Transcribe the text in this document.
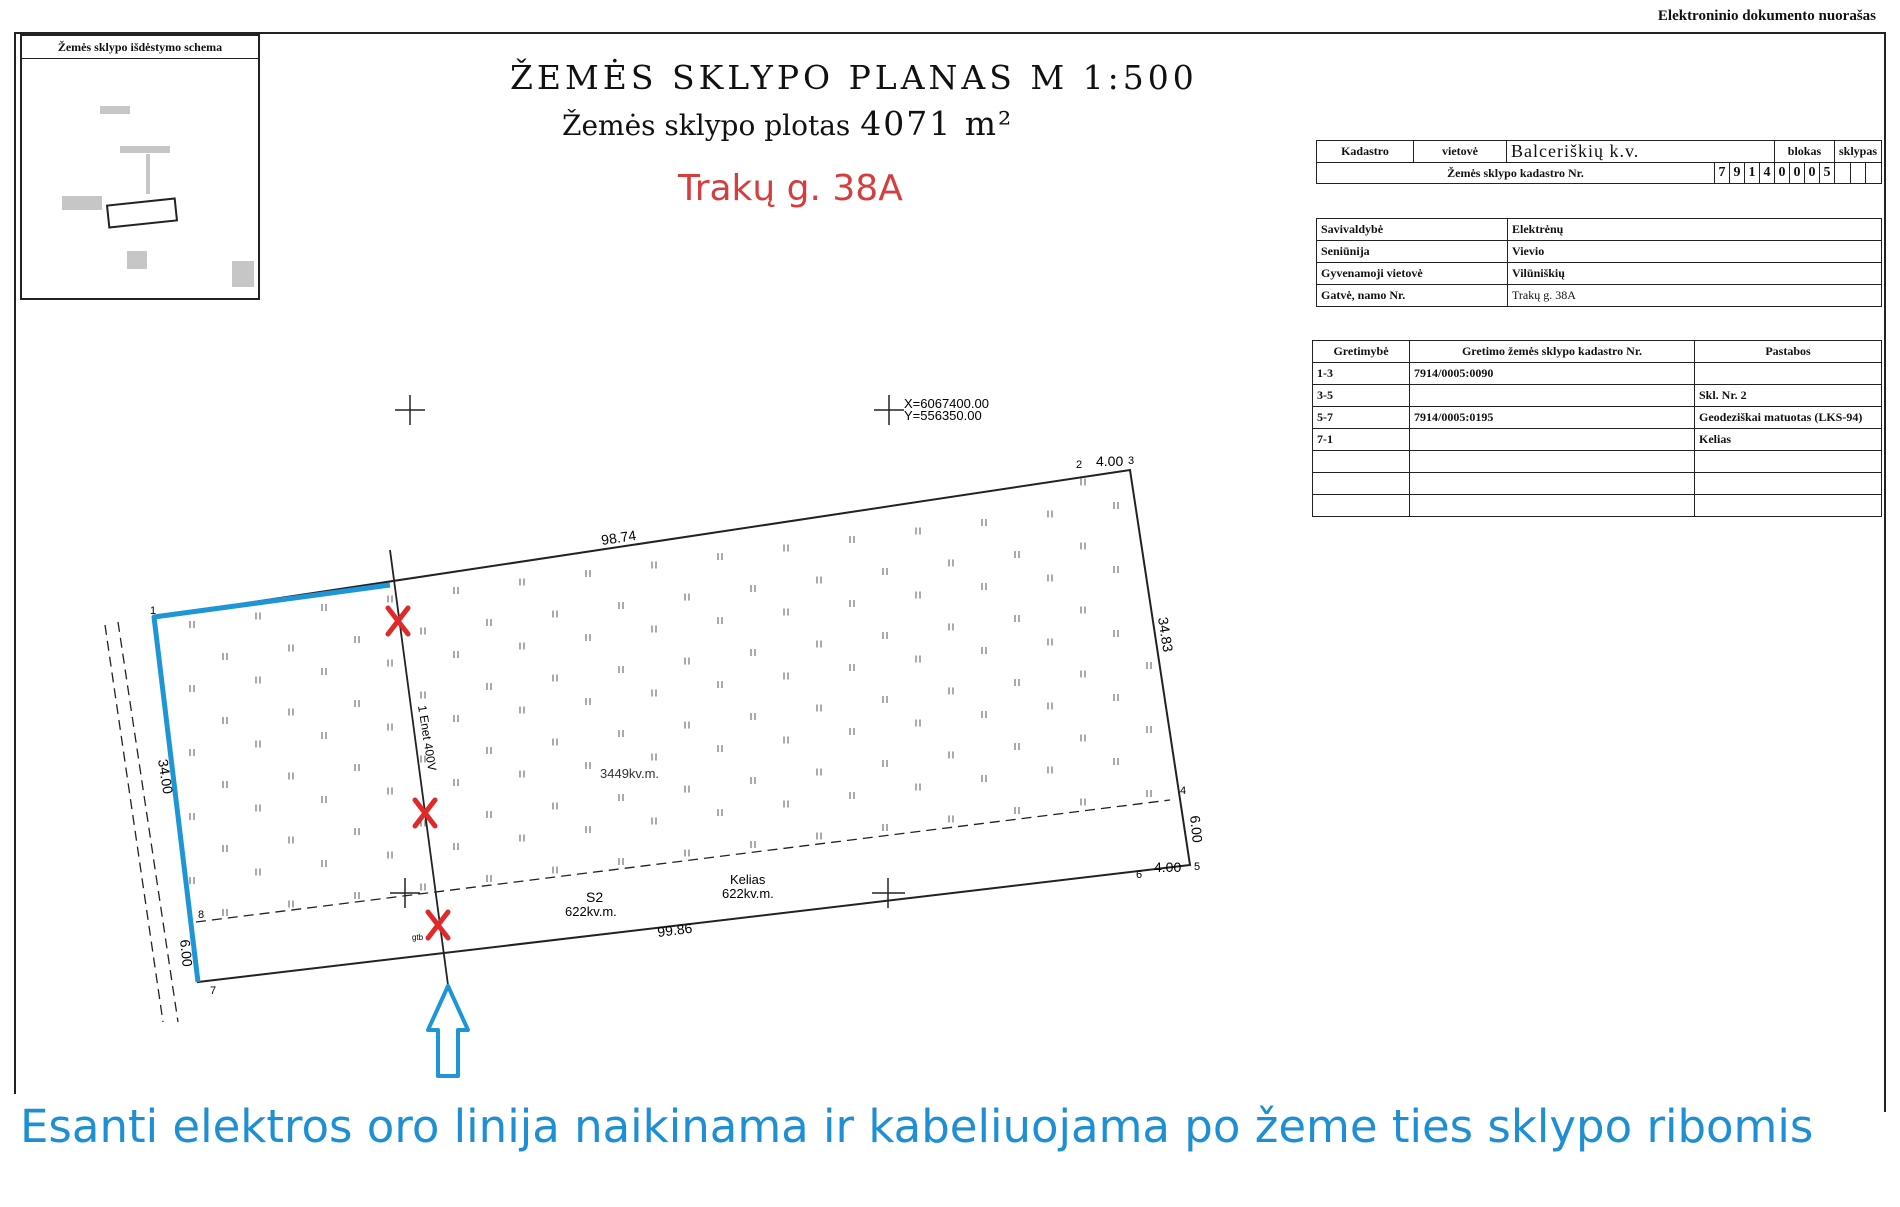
Elektroninio dokumento nuorašas
Žemės sklypo išdėstymo schema
ŽEMĖS SKLYPO PLANAS M 1:500
Žemės sklypo plotas 4071 m²
Trakų g. 38A
Kadastro	vietovė	Balceriškių k.v.					blokas				sklypas		
Žemės sklypo kadastro Nr.			7	9	1	4	0	0	0	5			
Savivaldybė	Elektrėnų
Seniūnija	Vievio
Gyvenamoji vietovė	Vilūniškių
Gatvė, namo Nr.	Trakų g. 38A
Gretimybė	Gretimo žemės sklypo kadastro Nr.	Pastabos
1-3	7914/0005:0090	
3-5		Skl. Nr. 2
5-7	7914/0005:0195	Geodeziškai matuotas (LKS-94)
7-1		Kelias

X=6067400.00
Y=556350.00
98.74
99.86
34.83
34.00
4.00
4.00
6.00
6.00
3449kv.m.
S2
622kv.m.
Kelias
622kv.m.
1 Enet 400V
gtb
1
2	3
4
5
6
7
8
Esanti elektros oro linija naikinama ir kabeliuojama po žeme ties sklypo ribomis
